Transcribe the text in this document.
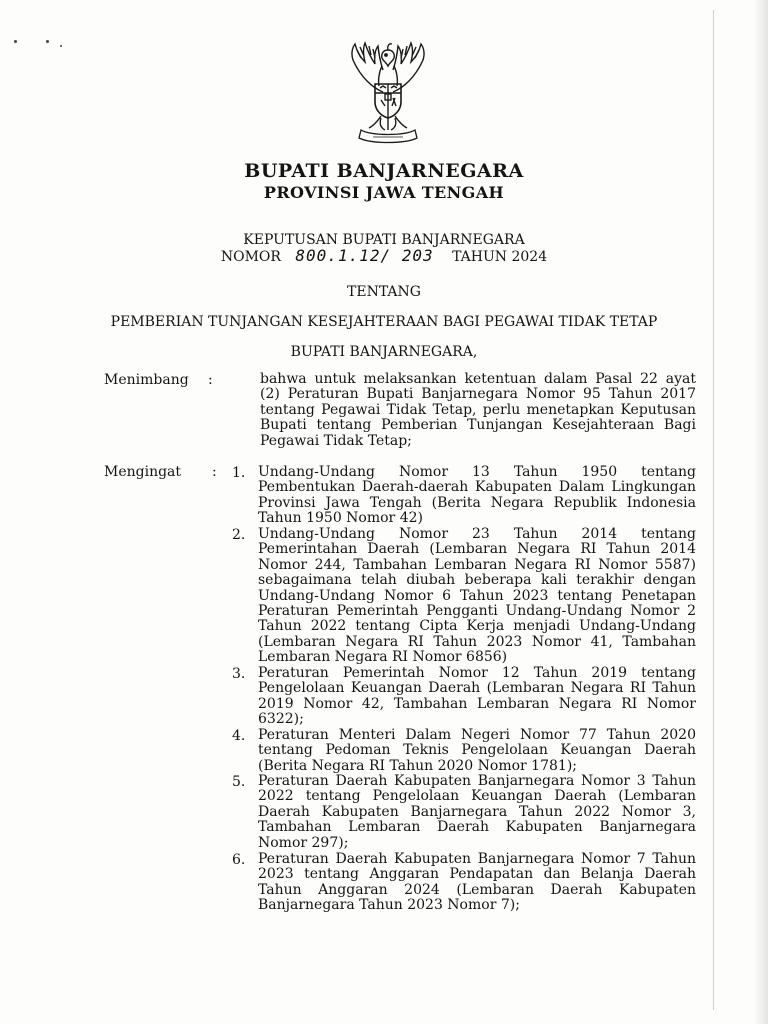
BUPATI BANJARNEGARA
PROVINSI JAWA TENGAH
KEPUTUSAN BUPATI BANJARNEGARA
NOMOR 800.1.12/ 203 TAHUN 2024
TENTANG
PEMBERIAN TUNJANGAN KESEJAHTERAAN BAGI PEGAWAI TIDAK TETAP
BUPATI BANJARNEGARA,
Menimbang :	bahwa untuk melaksankan ketentuan dalam Pasal 22 ayat (2) Peraturan Bupati Banjarnegara Nomor 95 Tahun 2017 tentang Pegawai Tidak Tetap, perlu menetapkan Keputusan Bupati tentang Pemberian Tunjangan Kesejahteraan Bagi Pegawai Tidak Tetap;
Mengingat : 1. Undang-Undang Nomor 13 Tahun 1950 tentang Pembentukan Daerah-daerah Kabupaten Dalam Lingkungan Provinsi Jawa Tengah (Berita Negara Republik Indonesia Tahun 1950 Nomor 42)
2. Undang-Undang Nomor 23 Tahun 2014 tentang Pemerintahan Daerah (Lembaran Negara RI Tahun 2014 Nomor 244, Tambahan Lembaran Negara RI Nomor 5587) sebagaimana telah diubah beberapa kali terakhir dengan Undang-Undang Nomor 6 Tahun 2023 tentang Penetapan Peraturan Pemerintah Pengganti Undang-Undang Nomor 2 Tahun 2022 tentang Cipta Kerja menjadi Undang-Undang (Lembaran Negara RI Tahun 2023 Nomor 41, Tambahan Lembaran Negara RI Nomor 6856)
3. Peraturan Pemerintah Nomor 12 Tahun 2019 tentang Pengelolaan Keuangan Daerah (Lembaran Negara RI Tahun 2019 Nomor 42, Tambahan Lembaran Negara RI Nomor 6322);
4. Peraturan Menteri Dalam Negeri Nomor 77 Tahun 2020 tentang Pedoman Teknis Pengelolaan Keuangan Daerah (Berita Negara RI Tahun 2020 Nomor 1781);
5. Peraturan Daerah Kabupaten Banjarnegara Nomor 3 Tahun 2022 tentang Pengelolaan Keuangan Daerah (Lembaran Daerah Kabupaten Banjarnegara Tahun 2022 Nomor 3, Tambahan Lembaran Daerah Kabupaten Banjarnegara Nomor 297);
6. Peraturan Daerah Kabupaten Banjarnegara Nomor 7 Tahun 2023 tentang Anggaran Pendapatan dan Belanja Daerah Tahun Anggaran 2024 (Lembaran Daerah Kabupaten Banjarnegara Tahun 2023 Nomor 7);
